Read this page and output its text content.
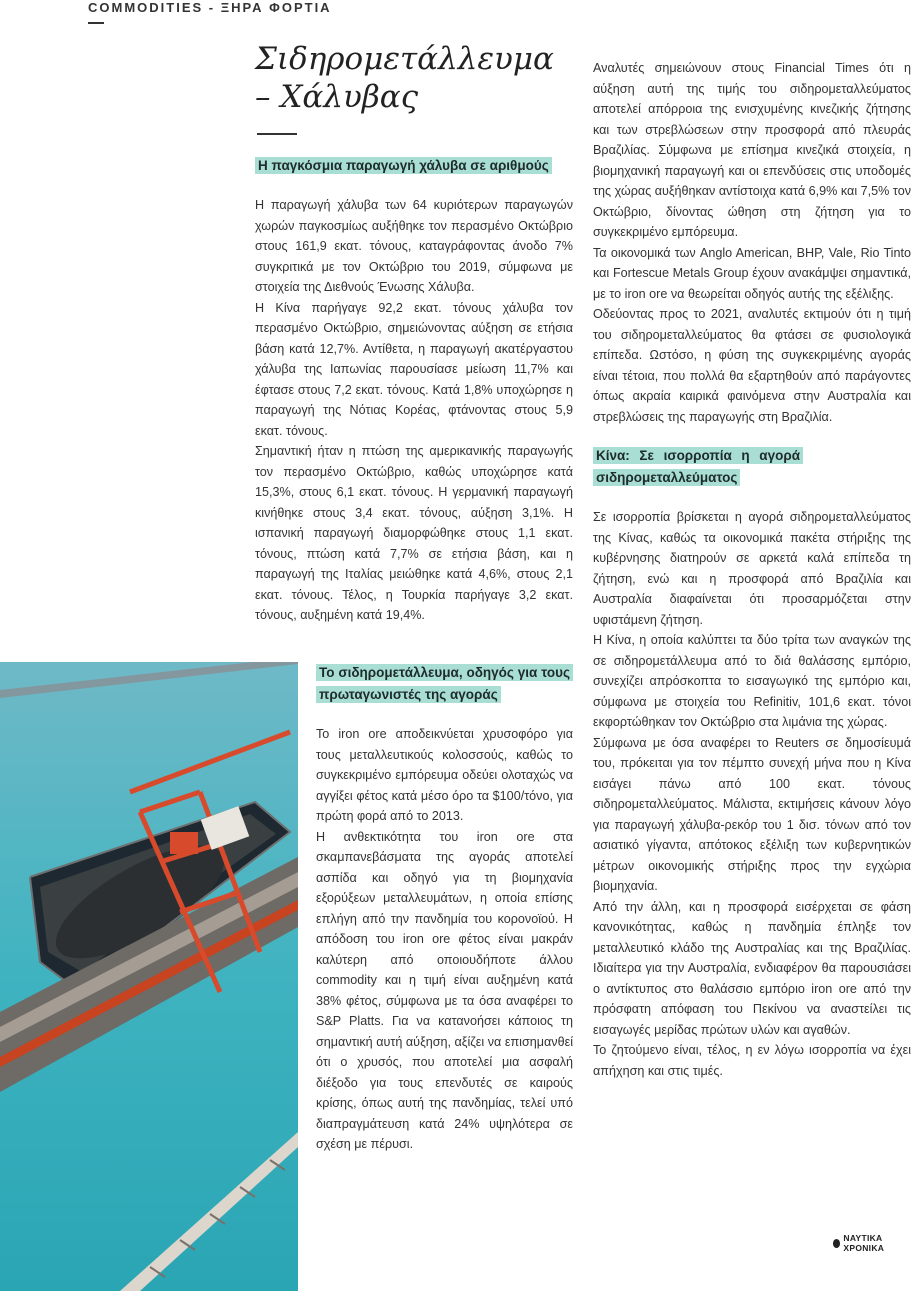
COMMODITIES - ΞΗΡΑ ΦΟΡΤΙΑ
Σιδηρομετάλλευμα
– Χάλυβας

Η παγκόσμια παραγωγή χάλυβα σε αριθμούς

Η παραγωγή χάλυβα των 64 κυριότερων παραγωγών χωρών παγκοσμίως αυξήθηκε τον περασμένο Οκτώβριο στους 161,9 εκατ. τόνους, καταγράφοντας άνοδο 7% συγκριτικά με τον Οκτώβριο του 2019, σύμφωνα με στοιχεία της Διεθνούς Ένωσης Χάλυβα.

Η Κίνα παρήγαγε 92,2 εκατ. τόνους χάλυβα τον περασμένο Οκτώβριο, σημειώνοντας αύξηση σε ετήσια βάση κατά 12,7%. Αντίθετα, η παραγωγή ακατέργαστου χάλυβα της Ιαπωνίας παρουσίασε μείωση 11,7% και έφτασε στους 7,2 εκατ. τόνους. Κατά 1,8% υποχώρησε η παραγωγή της Νότιας Κορέας, φτάνοντας στους 5,9 εκατ. τόνους.

Σημαντική ήταν η πτώση της αμερικανικής παραγωγής τον περασμένο Οκτώβριο, καθώς υποχώρησε κατά 15,3%, στους 6,1 εκατ. τόνους. Η γερμανική παραγωγή κινήθηκε στους 3,4 εκατ. τόνους, αύξηση 3,1%. Η ισπανική παραγωγή διαμορφώθηκε στους 1,1 εκατ. τόνους, πτώση κατά 7,7% σε ετήσια βάση, και η παραγωγή της Ιταλίας μειώθηκε κατά 4,6%, στους 2,1 εκατ. τόνους. Τέλος, η Τουρκία παρήγαγε 3,2 εκατ. τόνους, αυξημένη κατά 19,4%.

Το σιδηρομετάλλευμα, οδηγός για τους πρωταγωνιστές της αγοράς

Το iron ore αποδεικνύεται χρυσοφόρο για τους μεταλλευτικούς κολοσσούς, καθώς το συγκεκριμένο εμπόρευμα οδεύει ολοταχώς να αγγίξει φέτος κατά μέσο όρο τα $100/τόνο, για πρώτη φορά από το 2013.

Η ανθεκτικότητα του iron ore στα σκαμπανεβάσματα της αγοράς αποτελεί ασπίδα και οδηγό για τη βιομηχανία εξορύξεων μεταλλευμάτων, η οποία επίσης επλήγη από την πανδημία του κορονοϊού. Η απόδοση του iron ore φέτος είναι μακράν καλύτερη από οποιουδήποτε άλλου commodity και η τιμή είναι αυξημένη κατά 38% φέτος, σύμφωνα με τα όσα αναφέρει το S&P Platts. Για να κατανοήσει κάποιος τη σημαντική αυτή αύξηση, αξίζει να επισημανθεί ότι ο χρυσός, που αποτελεί μια ασφαλή διέξοδο για τους επενδυτές σε καιρούς κρίσης, όπως αυτή της πανδημίας, τελεί υπό διαπραγμάτευση κατά 24% υψηλότερα σε σχέση με πέρυσι.

Αναλυτές σημειώνουν στους Financial Times ότι η αύξηση αυτή της τιμής του σιδηρομεταλλεύματος αποτελεί απόρροια της ενισχυμένης κινεζικής ζήτησης και των στρεβλώσεων στην προσφορά από πλευράς Βραζιλίας. Σύμφωνα με επίσημα κινεζικά στοιχεία, η βιομηχανική παραγωγή και οι επενδύσεις στις υποδομές της χώρας αυξήθηκαν αντίστοιχα κατά 6,9% και 7,5% τον Οκτώβριο, δίνοντας ώθηση στη ζήτηση για το συγκεκριμένο εμπόρευμα.

Τα οικονομικά των Anglo American, BHP, Vale, Rio Tinto και Fortescue Metals Group έχουν ανακάμψει σημαντικά, με το iron ore να θεωρείται οδηγός αυτής της εξέλιξης.

Οδεύοντας προς το 2021, αναλυτές εκτιμούν ότι η τιμή του σιδηρομεταλλεύματος θα φτάσει σε φυσιολογικά επίπεδα. Ωστόσο, η φύση της συγκεκριμένης αγοράς είναι τέτοια, που πολλά θα εξαρτηθούν από παράγοντες όπως ακραία καιρικά φαινόμενα στην Αυστραλία και στρεβλώσεις της παραγωγής στη Βραζιλία.

Κίνα: Σε ισορροπία η αγορά σιδηρομεταλλεύματος

Σε ισορροπία βρίσκεται η αγορά σιδηρομεταλλεύματος της Κίνας, καθώς τα οικονομικά πακέτα στήριξης της κυβέρνησης διατηρούν σε αρκετά καλά επίπεδα τη ζήτηση, ενώ και η προσφορά από Βραζιλία και Αυστραλία διαφαίνεται ότι προσαρμόζεται στην υφιστάμενη ζήτηση.

Η Κίνα, η οποία καλύπτει τα δύο τρίτα των αναγκών της σε σιδηρομετάλλευμα από το διά θαλάσσης εμπόριο, συνεχίζει απρόσκοπτα το εισαγωγικό της εμπόριο και, σύμφωνα με στοιχεία του Refinitiv, 101,6 εκατ. τόνοι εκφορτώθηκαν τον Οκτώβριο στα λιμάνια της χώρας.

Σύμφωνα με όσα αναφέρει το Reuters σε δημοσίευμά του, πρόκειται για τον πέμπτο συνεχή μήνα που η Κίνα εισάγει πάνω από 100 εκατ. τόνους σιδηρομεταλλεύματος. Μάλιστα, εκτιμήσεις κάνουν λόγο για παραγωγή χάλυβα-ρεκόρ του 1 δισ. τόνων από τον ασιατικό γίγαντα, απότοκος εξέλιξη των κυβερνητικών μέτρων οικονομικής στήριξης προς την εγχώρια βιομηχανία.

Από την άλλη, και η προσφορά εισέρχεται σε φάση κανονικότητας, καθώς η πανδημία έπληξε τον μεταλλευτικό κλάδο της Αυστραλίας και της Βραζιλίας. Ιδιαίτερα για την Αυστραλία, ενδιαφέρον θα παρουσιάσει ο αντίκτυπος στο θαλάσσιο εμπόριο iron ore από την πρόσφατη απόφαση του Πεκίνου να αναστείλει τις εισαγωγές μερίδας πρώτων υλών και αγαθών.

Το ζητούμενο είναι, τέλος, η εν λόγω ισορροπία να έχει απήχηση και στις τιμές.

ΝΑΥΤΙΚΑ ΧΡΟΝΙΚΑ
